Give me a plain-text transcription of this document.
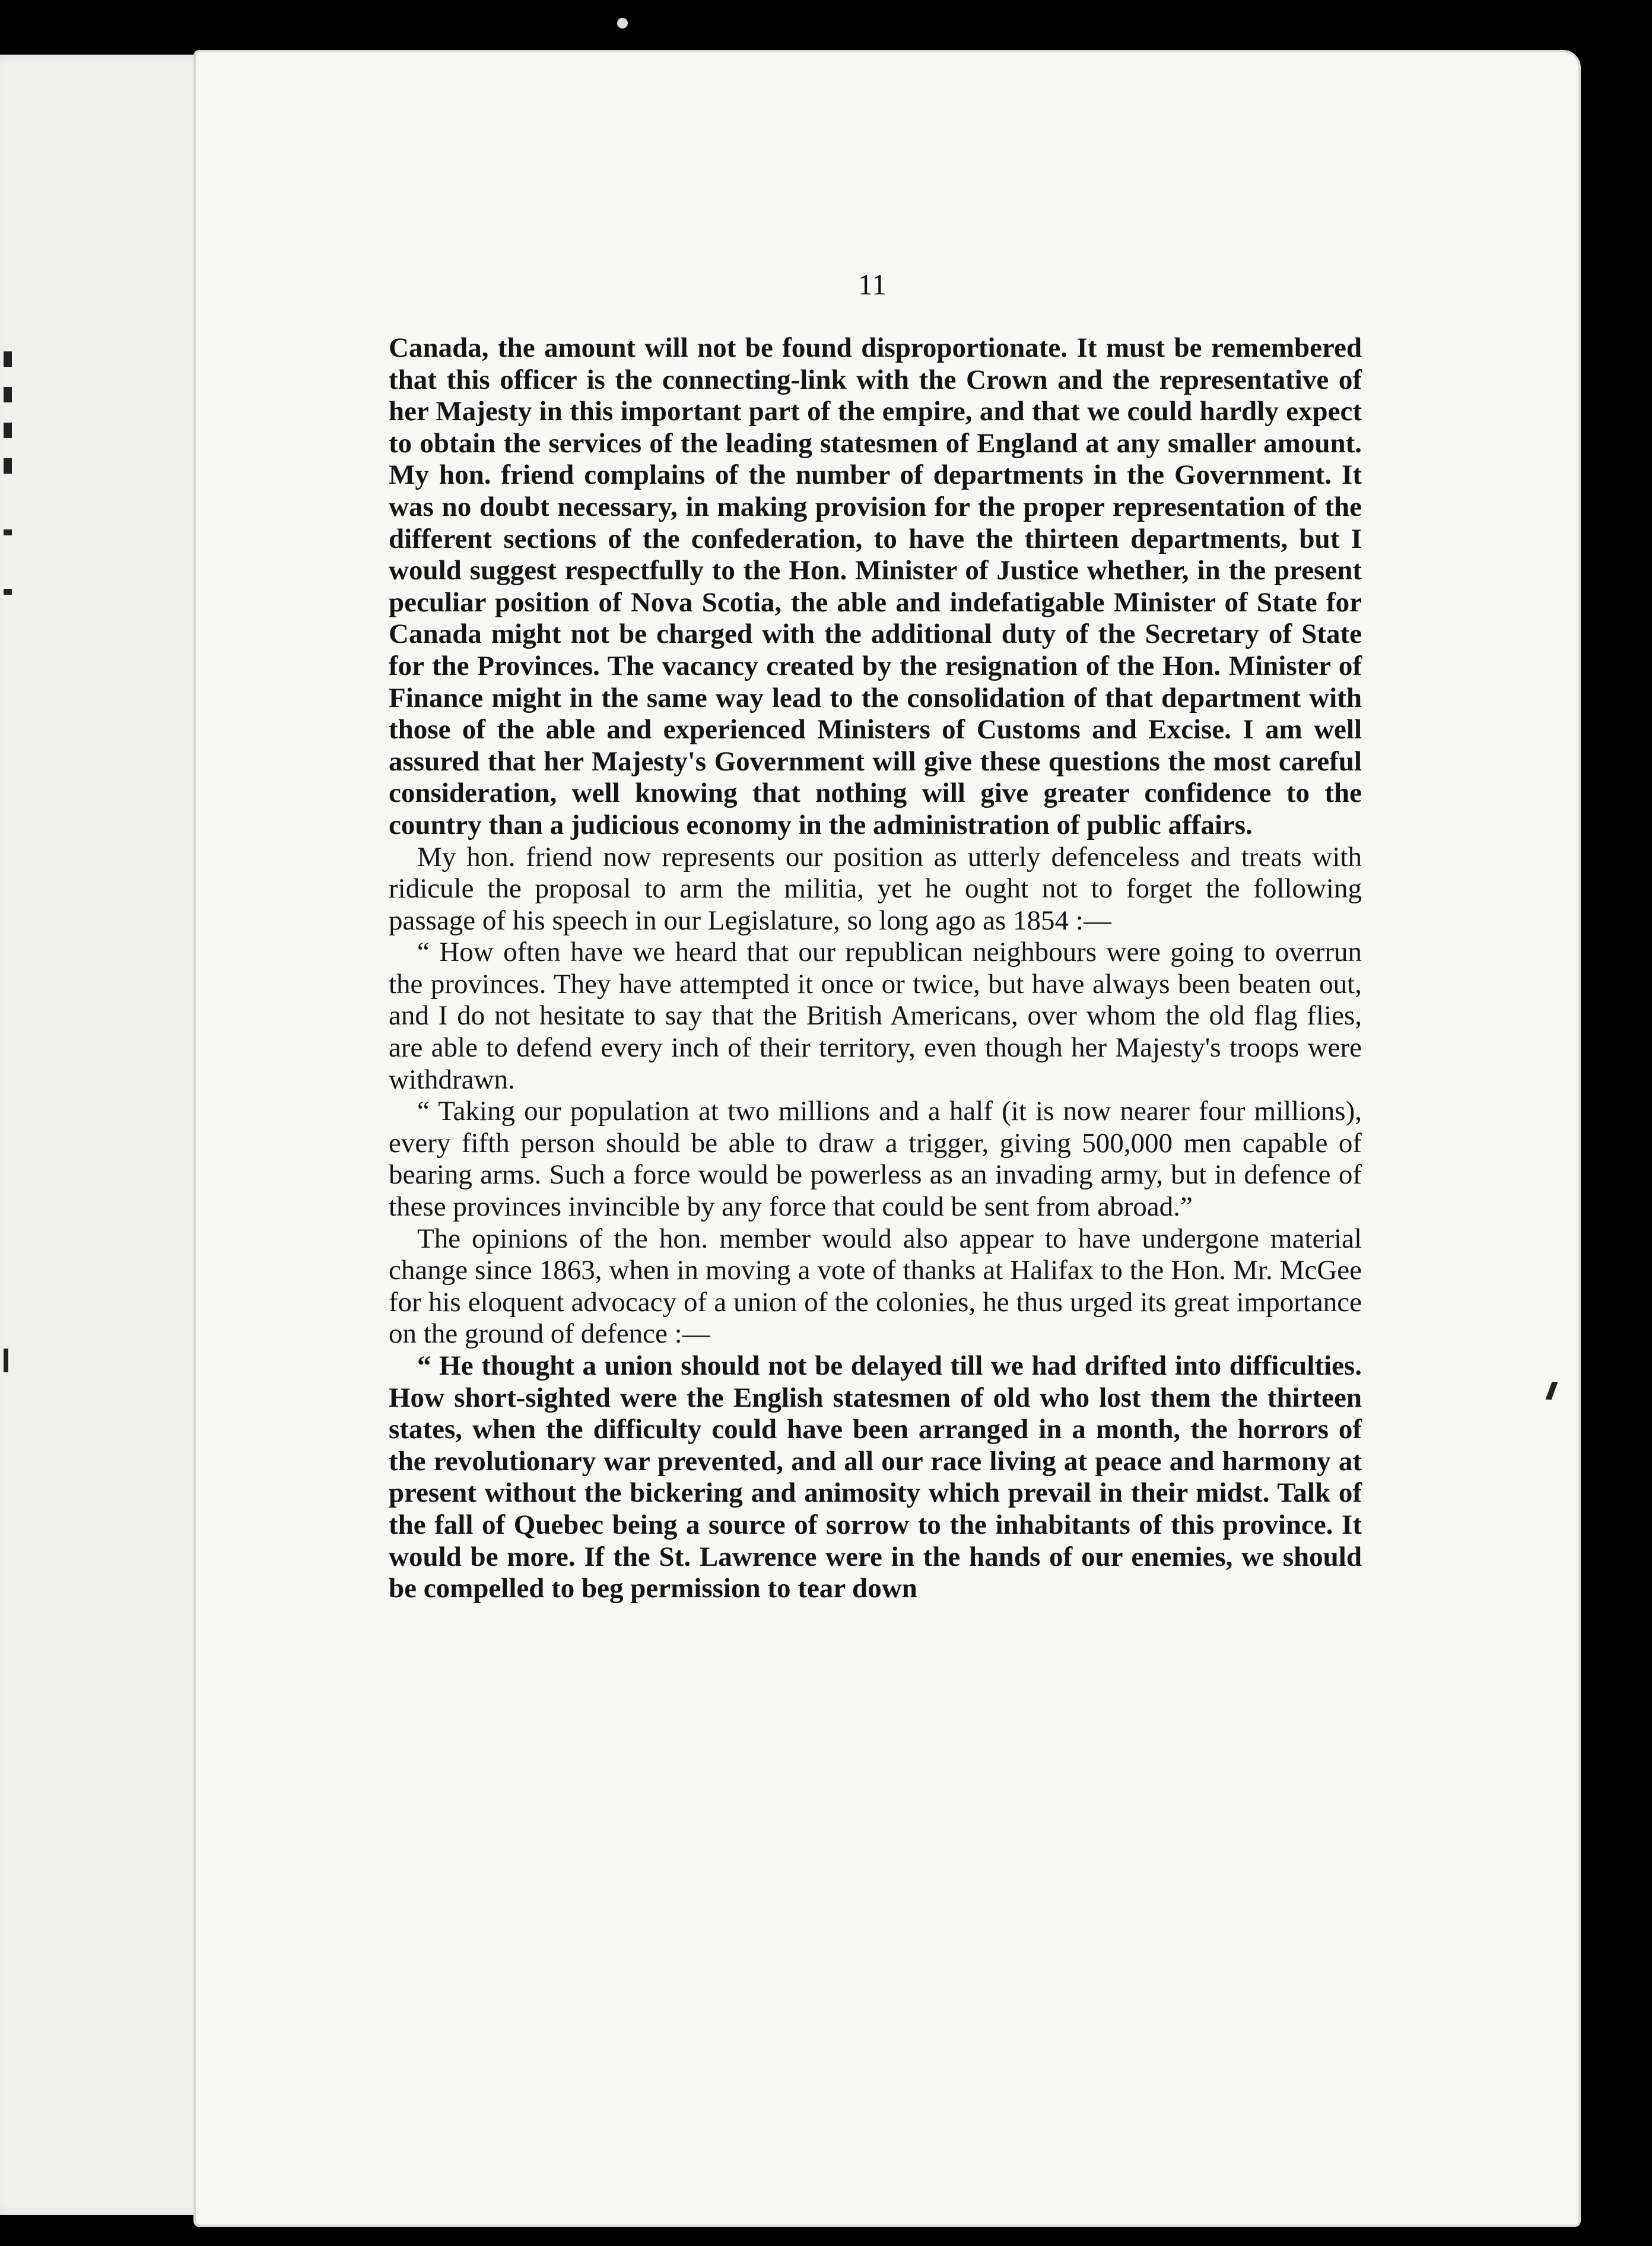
11

Canada, the amount will not be found disproportionate. It must be remembered that this officer is the connecting-link with the Crown and the representative of her Majesty in this important part of the empire, and that we could hardly expect to obtain the services of the leading statesmen of England at any smaller amount. My hon. friend complains of the number of departments in the Government. It was no doubt necessary, in making provision for the proper representation of the different sections of the confederation, to have the thirteen departments, but I would suggest respectfully to the Hon. Minister of Justice whether, in the present peculiar position of Nova Scotia, the able and indefatigable Minister of State for Canada might not be charged with the additional duty of the Secretary of State for the Provinces. The vacancy created by the resignation of the Hon. Minister of Finance might in the same way lead to the consolidation of that department with those of the able and experienced Ministers of Customs and Excise. I am well assured that her Majesty's Government will give these questions the most careful consideration, well knowing that nothing will give greater confidence to the country than a judicious economy in the administration of public affairs.

My hon. friend now represents our position as utterly defenceless and treats with ridicule the proposal to arm the militia, yet he ought not to forget the following passage of his speech in our Legislature, so long ago as 1854 :—

“ How often have we heard that our republican neighbours were going to overrun the provinces. They have attempted it once or twice, but have always been beaten out, and I do not hesitate to say that the British Americans, over whom the old flag flies, are able to defend every inch of their territory, even though her Majesty's troops were withdrawn.

“ Taking our population at two millions and a half (it is now nearer four millions), every fifth person should be able to draw a trigger, giving 500,000 men capable of bearing arms. Such a force would be powerless as an invading army, but in defence of these provinces invincible by any force that could be sent from abroad.”

The opinions of the hon. member would also appear to have undergone material change since 1863, when in moving a vote of thanks at Halifax to the Hon. Mr. McGee for his eloquent advocacy of a union of the colonies, he thus urged its great importance on the ground of defence :—

“ He thought a union should not be delayed till we had drifted into difficulties. How short-sighted were the English statesmen of old who lost them the thirteen states, when the difficulty could have been arranged in a month, the horrors of the revolutionary war prevented, and all our race living at peace and harmony at present without the bickering and animosity which prevail in their midst. Talk of the fall of Quebec being a source of sorrow to the inhabitants of this province. It would be more. If the St. Lawrence were in the hands of our enemies, we should be compelled to beg permission to tear down
